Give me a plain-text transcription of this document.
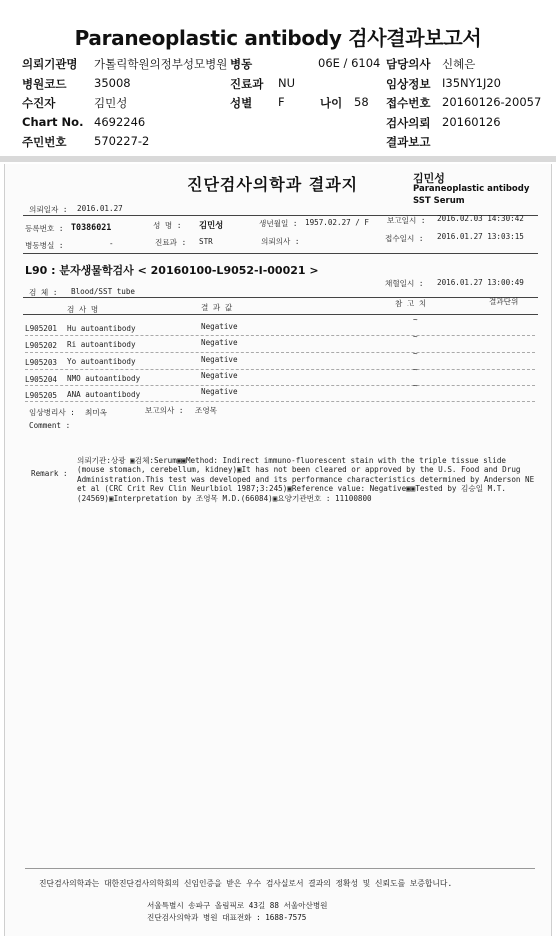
Paraneoplastic antibody 검사결과보고서
의뢰기관명 가톨릭학원의정부성모병원 병동	06E / 6104 담당의사 신혜은
병원코드 35008	진료과 NU	임상정보 I35NY1J20
수진자	김민성	성별 F	나이 58 접수번호 20160126-20057
Chart No. 4692246	검사의뢰 20160126
주민번호 570227-2	결과보고
진단검사의학과 결과지	김민성
Paraneoplastic antibody
SST Serum
의뢰일자 : 2016.01.27
등록번호 : T0386021	성 명 : 김민성	생년월일 : 1957.02.27 / F 보고일시 : 2016.02.03 14:30:42
병동병실 :	-	진료과 : STR	의뢰의사 :	접수일시 : 2016.01.27 13:03:15
L90 : 분자생물학검사 < 20160100-L9052-I-00021 >
채혈일시 : 2016.01.27 13:00:49
검 체 : Blood/SST tube
검 사 명	결 과 값	참 고 치	결과단위
L905201 Hu autoantibody	Negative
~
L905202 Ri autoantibody	Negative
~
L905203 Yo autoantibody	Negative
~
L905204 NMO autoantibody	Negative
~
L905205 ANA autoantibody	Negative
~
임상병리사 : 최미옥	보고의사 : 조영목
Comment :
Remark :
의뢰기관:상광 ▣검체:Serum▣▣Method: Indirect immuno-fluorescent stain with the triple tissue slide (mouse stomach, cerebellum, kidney)▣It has not been cleared or approved by the U.S. Food and Drug Administration.This test was developed and its performance characteristics determined by Anderson NE et al (CRC Crit Rev Clin Neurlbiol 1987;3:245)▣Reference value: Negative▣▣Tested by 김승일 M.T. (24569)▣Interpretation by 조영목 M.D.(66084)▣요양기관번호 : 11100800
진단검사의학과는 대한진단검사의학회의 신임인증을 받은 우수 검사실로서 결과의 정확성 및 신뢰도를 보증합니다.
서울특별시 송파구 올림픽로 43길 88 서울아산병원
진단검사의학과 병원 대표전화 : 1688-7575
